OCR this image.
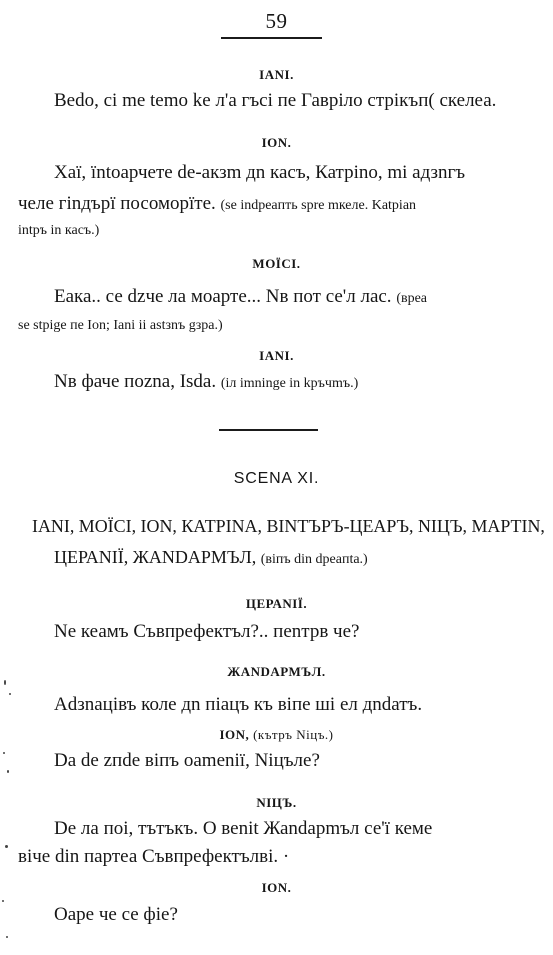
59
IANI.
Bedo, ci me temo ke л'a гъсі пе Гаврiло стрiкъп( скелеа.
ION.
Хаї, їntoaрчете de-акзm дn касъ, Катрino, mi адзnгъ
челе гinдърї посоморїте. (se indpeaпть spre mкеле. Katpian
intpъ in касъ.)
МОЇСI.
Еака.. се dzче ла моарте... Nв пот се'л лас. (врea
se stpige пе Ion; Iani ii astзnъ gзpa.)
IANI.
Nв фаче поzna, Isda. (iл imninge in kpъчmъ.)
SCENA XI.
IANI, МОЇСI, ION, КАТРINА, ВІNТЪРЪ-ЦЕАРЪ, NIЦЪ, МАРТIN,
ЦЕРАNIЇ, ЖАNDАРМЪЛ, (віпъ din dpeaпta.)
ЦЕРАNIЇ.
Ne кеамъ Съвпрефектъл?.. пеnтрв че?
ЖАNDАРМЪЛ.
Adзnaцiвъ коле дn піацъ къ віпе ші ел дndатъ.
ION, (кътръ Niцъ.)
Da de zпde віпъ оameniї, Niцъле?
NIЦЪ.
De ла поi, тътъкъ. О веnіt Жаndарmъл се'ї кеме
віче din партеа Съвпрефектълві. ·
ION.
Оаре че се фie?
